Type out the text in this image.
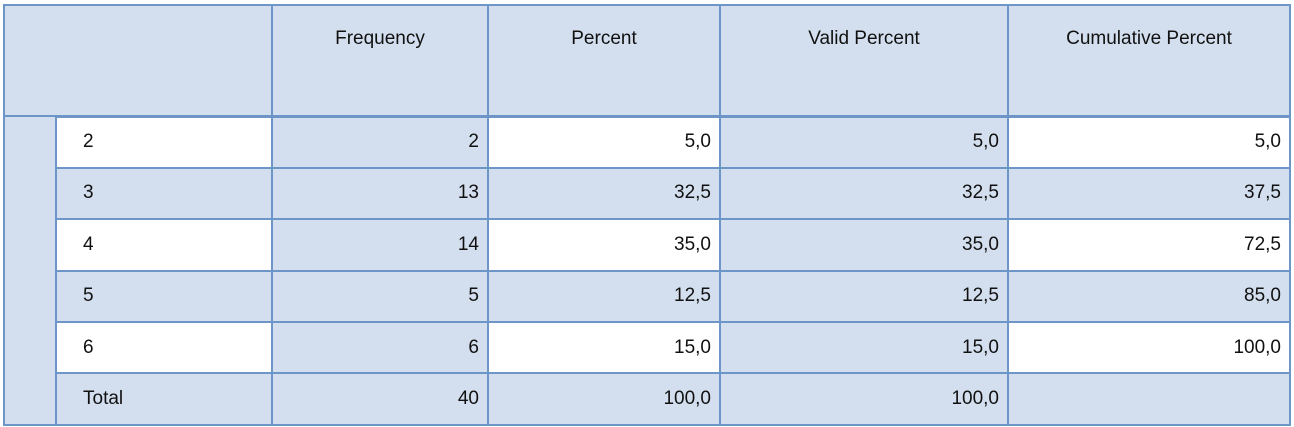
		Frequency	Percent	Valid Percent	Cumulative Percent
	2	2	5,0	5,0	5,0
	3	13	32,5	32,5	37,5
	4	14	35,0	35,0	72,5
	5	5	12,5	12,5	85,0
	6	6	15,0	15,0	100,0
	Total	40	100,0	100,0	
